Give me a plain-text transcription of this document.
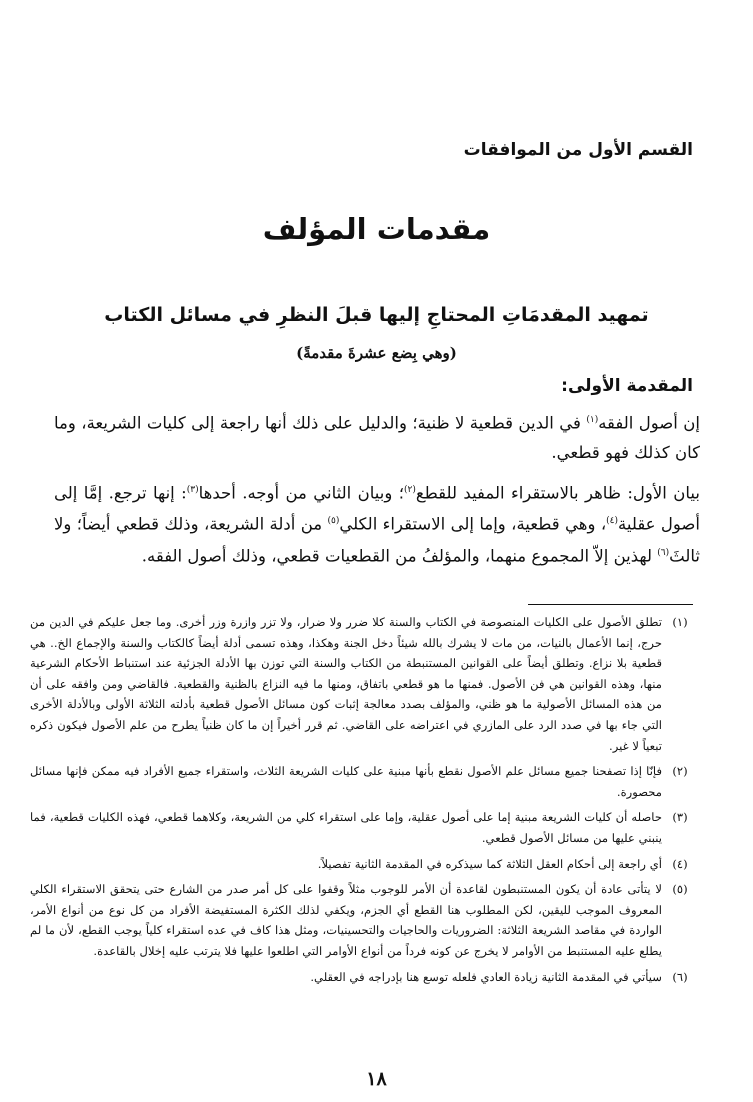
القسم الأول من الموافقات
مقدمات المؤلف
تمهيد المقدمَاتِ المحتاجِ إليها قبلَ النظرِ في مسائل الكتاب
(وهي بِضع عشرةَ مقدمةً)
المقدمة الأولى:

إن أصول الفقه$^{(١)}$ في الدين قطعية لا ظنية؛ والدليل على ذلك أنها راجعة إلى كليات الشريعة، وما كان كذلك فهو قطعي.

بيان الأول: ظاهر بالاستقراء المفيد للقطع$^{(٢)}$؛ وبيان الثاني من أوجه. أحدها$^{(٣)}$: إنها ترجع. إمَّا إلى أصول عقلية$^{(٤)}$، وهي قطعية، وإما إلى الاستقراء الكلي$^{(٥)}$ من أدلة الشريعة، وذلك قطعي أيضاً؛ ولا ثالثَ$^{(٦)}$ لهذين إلاّ المجموع منهما، والمؤلفُ من القطعيات قطعي، وذلك أصول الفقه.

(١)
تطلق الأصول على الكليات المنصوصة في الكتاب والسنة كلا ضرر ولا ضرار، ولا تزر وازرة وزر أخرى. وما جعل عليكم في الدين من حرج، إنما الأعمال بالنيات، من مات لا يشرك بالله شيئاً دخل الجنة وهكذا، وهذه تسمى أدلة أيضاً كالكتاب والسنة والإجماع الخ.. هي قطعية بلا نزاع. وتطلق أيضاً على القوانين المستنبطة من الكتاب والسنة التي توزن بها الأدلة الجزئية عند استنباط الأحكام الشرعية منها، وهذه القوانين هي فن الأصول. فمنها ما هو قطعي باتفاق، ومنها ما فيه النزاع بالظنية والقطعية. فالقاضي ومن وافقه على أن من هذه المسائل الأصولية ما هو ظني، والمؤلف بصدد معالجة إثبات كون مسائل الأصول قطعية بأدلته الثلاثة الأولى وبالأدلة الأخرى التي جاء بها في صدد الرد على المازري في اعتراضه على القاضي. ثم قرر أخيراً إن ما كان ظنياً يطرح من علم الأصول فيكون ذكره تبعياً لا غير.
(٢)
فإنّا إذا تصفحنا جميع مسائل علم الأصول نقطع بأنها مبنية على كليات الشريعة الثلاث، واستقراء جميع الأفراد فيه ممكن فإنها مسائل محصورة.
(٣)
حاصله أن كليات الشريعة مبنية إما على أصول عقلية، وإما على استقراء كلي من الشريعة، وكلاهما قطعي، فهذه الكليات قطعية، فما ينبني عليها من مسائل الأصول قطعي.
(٤)
أي راجعة إلى أحكام العقل الثلاثة كما سيذكره في المقدمة الثانية تفصيلاً.
(٥)
لا يتأتى عادة أن يكون المستنبطون لقاعدة أن الأمر للوجوب مثلاً وقفوا على كل أمر صدر من الشارع حتى يتحقق الاستقراء الكلي المعروف الموجب لليقين، لكن المطلوب هنا القطع أي الجزم، ويكفي لذلك الكثرة المستفيضة الأفراد من كل نوع من أنواع الأمر، الواردة في مقاصد الشريعة الثلاثة: الضروريات والحاجيات والتحسينيات، ومثل هذا كاف في عده استقراء كلياً يوجب القطع، لأن ما لم يطلع عليه المستنبط من الأوامر لا يخرج عن كونه فرداً من أنواع الأوامر التي اطلعوا عليها فلا يترتب عليه إخلال بالقاعدة.
(٦)
سيأتي في المقدمة الثانية زيادة العادي فلعله توسع هنا بإدراجه في العقلي.
١٨
